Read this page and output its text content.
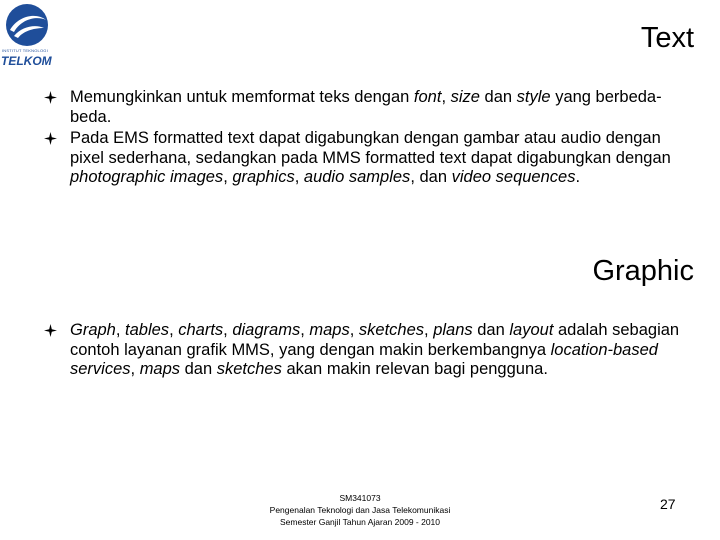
INSTITUT TEKNOLOGI
TELKOM
Text
Memungkinkan untuk memformat teks dengan font, size dan style yang berbeda-beda.
Pada EMS formatted text dapat digabungkan dengan gambar atau audio dengan pixel sederhana, sedangkan pada MMS formatted text dapat digabungkan dengan photographic images, graphics, audio samples, dan video sequences.
Graphic
Graph, tables, charts, diagrams, maps, sketches, plans dan layout adalah sebagian contoh layanan grafik MMS, yang dengan makin berkembangnya location-based services, maps dan sketches akan makin relevan bagi pengguna.
SM341073
Pengenalan Teknologi dan Jasa Telekomunikasi
Semester Ganjil Tahun Ajaran 2009 - 2010
27
